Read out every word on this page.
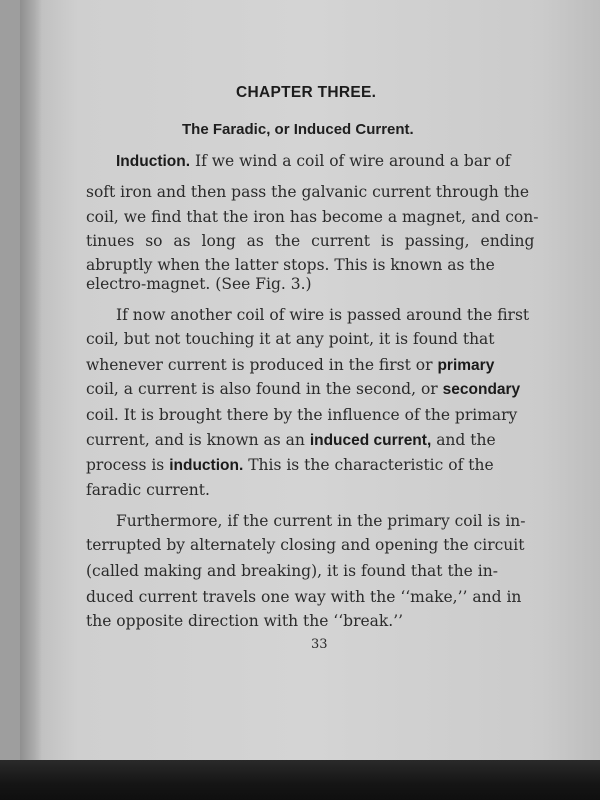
CHAPTER THREE.
The Faradic, or Induced Current.
Induction. If we wind a coil of wire around a bar of
soft iron and then pass the galvanic current through the
coil, we find that the iron has become a magnet, and con-
tinues so as long as the current is passing, ending
abruptly when the latter stops. This is known as the
electro-magnet. (See Fig. 3.)
If now another coil of wire is passed around the first
coil, but not touching it at any point, it is found that
whenever current is produced in the first or primary
coil, a current is also found in the second, or secondary
coil. It is brought there by the influence of the primary
current, and is known as an induced current, and the
process is induction. This is the characteristic of the
faradic current.
Furthermore, if the current in the primary coil is in-
terrupted by alternately closing and opening the circuit
(called making and breaking), it is found that the in-
duced current travels one way with the ‘‘make,’’ and in
the opposite direction with the ‘‘break.’’
33
